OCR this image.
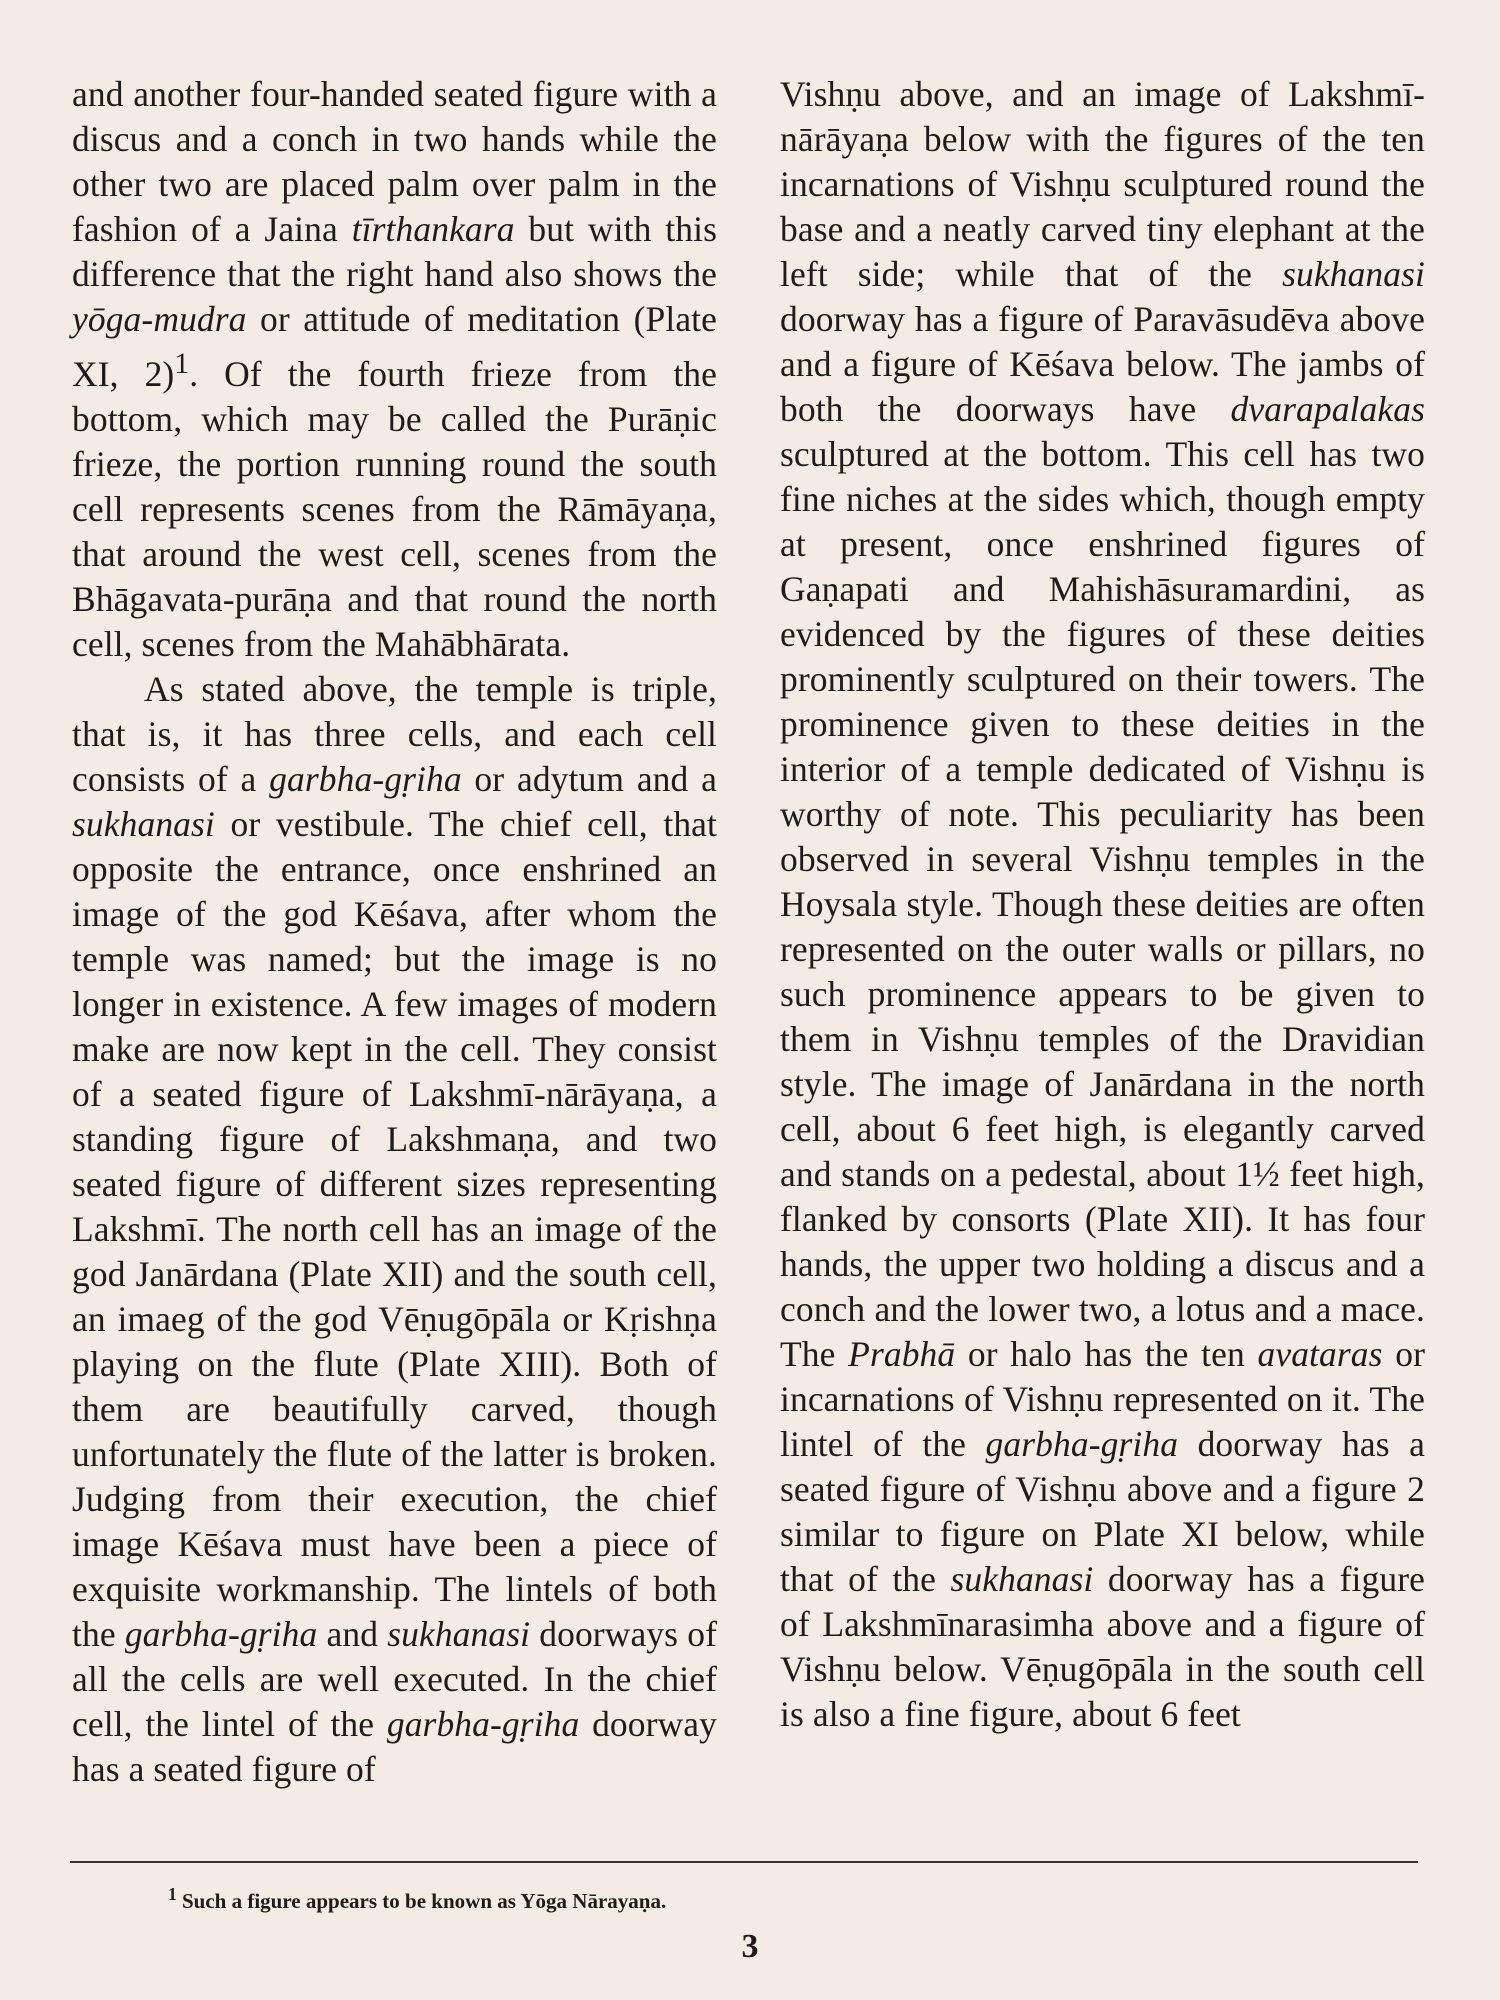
and another four-handed seated figure with a discus and a conch in two hands while the other two are placed palm over palm in the fashion of a Jaina tīrthankara but with this difference that the right hand also shows the yōga-mudra or attitude of meditation (Plate XI, 2)$^1$. Of the fourth frieze from the bottom, which may be called the Purāṇic frieze, the portion running round the south cell represents scenes from the Rāmāyaṇa, that around the west cell, scenes from the Bhāgavata-purāṇa and that round the north cell, scenes from the Mahābhārata.

As stated above, the temple is triple, that is, it has three cells, and each cell consists of a garbha-gṛiha or adytum and a sukhanasi or vestibule. The chief cell, that opposite the entrance, once enshrined an image of the god Kēśava, after whom the temple was named; but the image is no longer in existence. A few images of modern make are now kept in the cell. They consist of a seated figure of Lakshmī-nārāyaṇa, a standing figure of Lakshmaṇa, and two seated figure of different sizes representing Lakshmī. The north cell has an image of the god Janārdana (Plate XII) and the south cell, an imaeg of the god Vēṇugōpāla or Kṛishṇa playing on the flute (Plate XIII). Both of them are beautifully carved, though unfortunately the flute of the latter is broken. Judging from their execution, the chief image Kēśava must have been a piece of exquisite workmanship. The lintels of both the garbha-gṛiha and sukhanasi doorways of all the cells are well executed. In the chief cell, the lintel of the garbha-gṛiha doorway has a seated figure of

Vishṇu above, and an image of Lakshmī-nārāyaṇa below with the figures of the ten incarnations of Vishṇu sculptured round the base and a neatly carved tiny elephant at the left side; while that of the sukhanasi doorway has a figure of Paravāsudēva above and a figure of Kēśava below. The jambs of both the doorways have dvarapalakas sculptured at the bottom. This cell has two fine niches at the sides which, though empty at present, once enshrined figures of Gaṇapati and Mahishāsuramardini, as evidenced by the figures of these deities prominently sculptured on their towers. The prominence given to these deities in the interior of a temple dedicated of Vishṇu is worthy of note. This peculiarity has been observed in several Vishṇu temples in the Hoysala style. Though these deities are often represented on the outer walls or pillars, no such prominence appears to be given to them in Vishṇu temples of the Dravidian style. The image of Janārdana in the north cell, about 6 feet high, is elegantly carved and stands on a pedestal, about 1½ feet high, flanked by consorts (Plate XII). It has four hands, the upper two holding a discus and a conch and the lower two, a lotus and a mace. The Prabhā or halo has the ten avataras or incarnations of Vishṇu represented on it. The lintel of the garbha-gṛiha doorway has a seated figure of Vishṇu above and a figure 2 similar to figure on Plate XI below, while that of the sukhanasi doorway has a figure of Lakshmīnarasimha above and a figure of Vishṇu below. Vēṇugōpāla in the south cell is also a fine figure, about 6 feet

$^1$ Such a figure appears to be known as Yōga Nārayaṇa.
3
